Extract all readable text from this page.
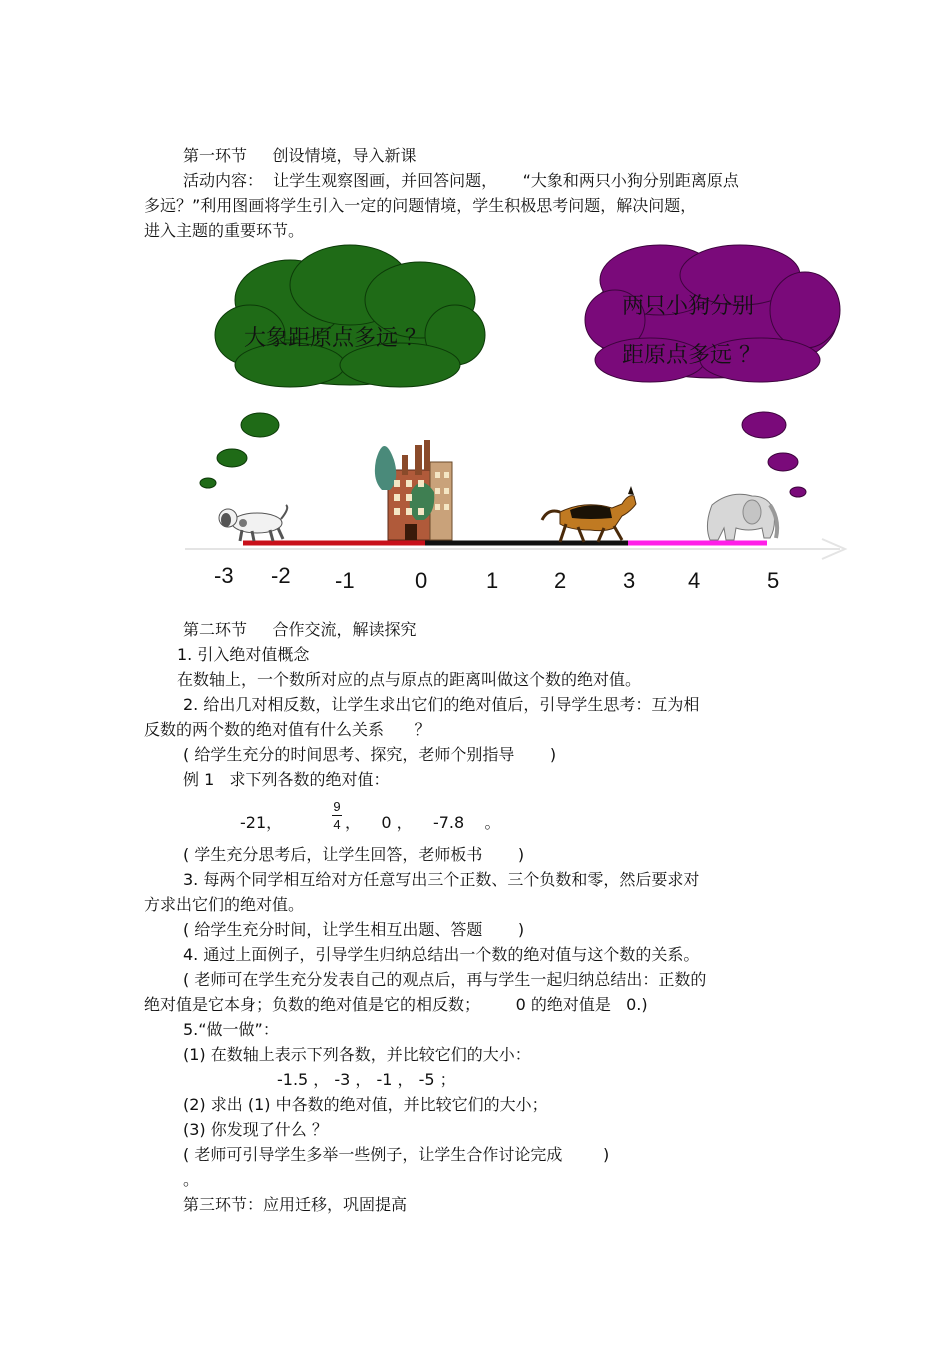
第一环节 创设情境，导入新课
活动内容：  让学生观察图画，并回答问题，     “大象和两只小狗分别距离原点
多远？”利用图画将学生引入一定的问题情境，学生积极思考问题，解决问题，
进入主题的重要环节。
大象距原点多远 ？
两只小狗分别
距原点多远 ？
-3 -2 -1	0	1	2	3 4	5
第二环节 合作交流，解读探究
1. 引入绝对值概念
在数轴上，一个数所对应的点与原点的距离叫做这个数的绝对值。
2. 给出几对相反数，让学生求出它们的绝对值后，引导学生思考：互为相
反数的两个数的绝对值有什么关系      ？
( 给学生充分的时间思考、探究，老师个别指导       )
例 1   求下列各数的绝对值：
-21，
9
4 ，    0 ，    -7.8    。
( 学生充分思考后，让学生回答，老师板书       )
3. 每两个同学相互给对方任意写出三个正数、三个负数和零，然后要求对
方求出它们的绝对值。
( 给学生充分时间，让学生相互出题、答题       )
4. 通过上面例子，引导学生归纳总结出一个数的绝对值与这个数的关系。
( 老师可在学生充分发表自己的观点后，再与学生一起归纳总结出：正数的
绝对值是它本身；负数的绝对值是它的相反数；       0 的绝对值是   0.)
5.“做一做”：
(1) 在数轴上表示下列各数，并比较它们的大小：
-1.5 ， -3 ， -1 ， -5 ；
(2) 求出 (1) 中各数的绝对值，并比较它们的大小；
(3) 你发现了什么 ？
( 老师可引导学生多举一些例子，让学生合作讨论完成        )
。
第三环节：应用迁移，巩固提高
